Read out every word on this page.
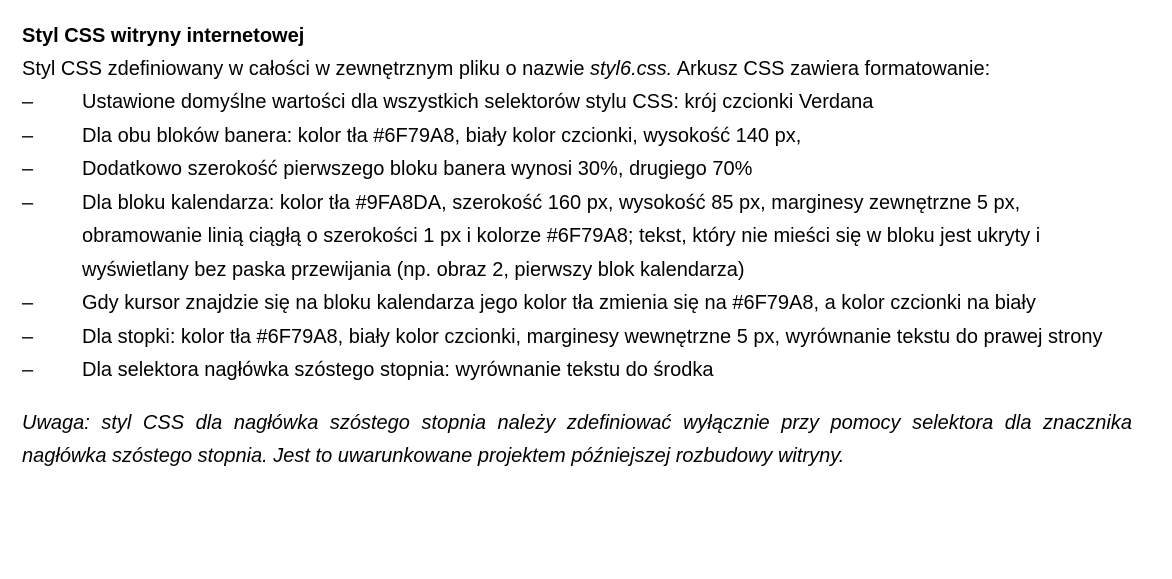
Styl CSS witryny internetowej

Styl CSS zdefiniowany w całości w zewnętrznym pliku o nazwie styl6.css. Arkusz CSS zawiera formatowanie:

–	Ustawione domyślne wartości dla wszystkich selektorów stylu CSS: krój czcionki Verdana
–	Dla obu bloków banera: kolor tła #6F79A8, biały kolor czcionki, wysokość 140 px,
–	Dodatkowo szerokość pierwszego bloku banera wynosi 30%, drugiego 70%
–	Dla bloku kalendarza: kolor tła #9FA8DA, szerokość 160 px, wysokość 85 px, marginesy zewnętrzne 5 px, obramowanie linią ciągłą o szerokości 1 px i kolorze #6F79A8; tekst, który nie mieści się w bloku jest ukryty i wyświetlany bez paska przewijania (np. obraz 2, pierwszy blok kalendarza)
–	Gdy kursor znajdzie się na bloku kalendarza jego kolor tła zmienia się na #6F79A8, a kolor czcionki na biały
–	Dla stopki: kolor tła #6F79A8, biały kolor czcionki, marginesy wewnętrzne 5 px, wyrównanie tekstu do prawej strony
–	Dla selektora nagłówka szóstego stopnia: wyrównanie tekstu do środka

Uwaga: styl CSS dla nagłówka szóstego stopnia należy zdefiniować wyłącznie przy pomocy selektora dla znacznika nagłówka szóstego stopnia. Jest to uwarunkowane projektem późniejszej rozbudowy witryny.
